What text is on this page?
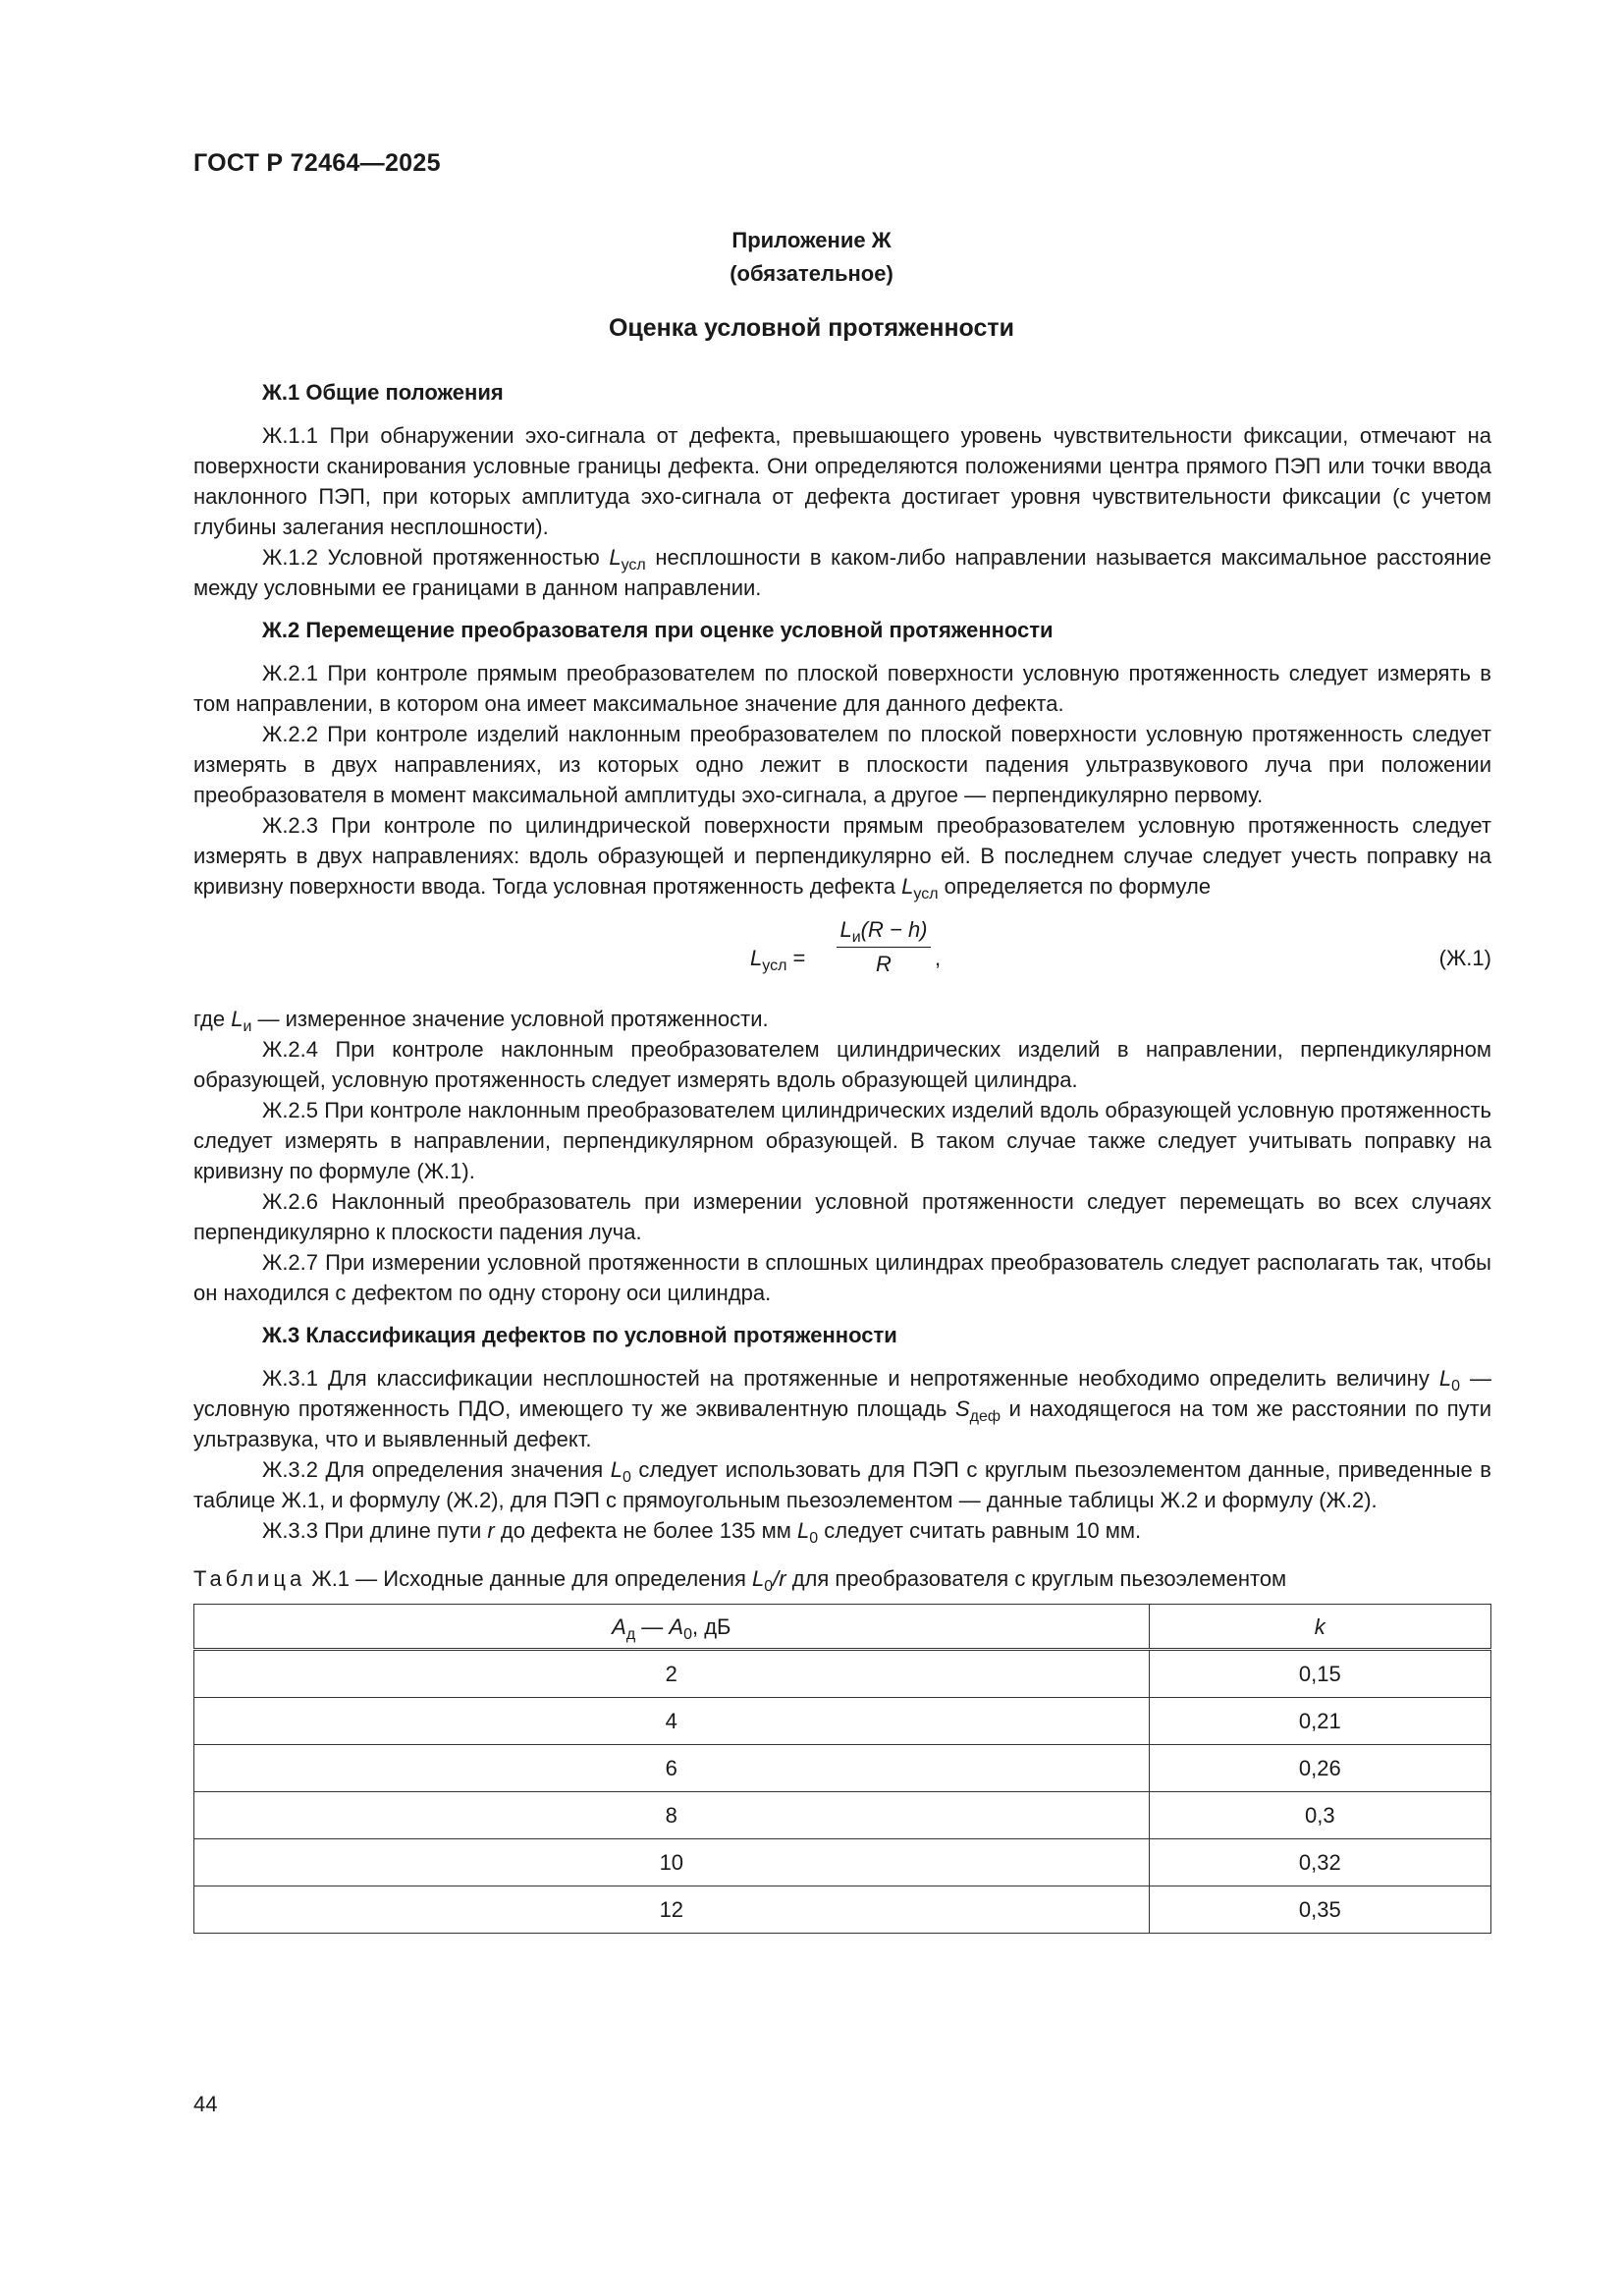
ГОСТ Р 72464—2025
Приложение Ж
(обязательное)
Оценка условной протяженности
Ж.1 Общие положения

Ж.1.1 При обнаружении эхо-сигнала от дефекта, превышающего уровень чувствительности фиксации, отмечают на поверхности сканирования условные границы дефекта. Они определяются положениями центра прямого ПЭП или точки ввода наклонного ПЭП, при которых амплитуда эхо-сигнала от дефекта достигает уровня чувствительности фиксации (с учетом глубины залегания несплошности).

Ж.1.2 Условной протяженностью $L_{усл}$ несплошности в каком-либо направлении называется максимальное расстояние между условными ее границами в данном направлении.

Ж.2 Перемещение преобразователя при оценке условной протяженности

Ж.2.1 При контроле прямым преобразователем по плоской поверхности условную протяженность следует измерять в том направлении, в котором она имеет максимальное значение для данного дефекта.

Ж.2.2 При контроле изделий наклонным преобразователем по плоской поверхности условную протяженность следует измерять в двух направлениях, из которых одно лежит в плоскости падения ультразвукового луча при положении преобразователя в момент максимальной амплитуды эхо-сигнала, а другое — перпендикулярно первому.

Ж.2.3 При контроле по цилиндрической поверхности прямым преобразователем условную протяженность следует измерять в двух направлениях: вдоль образующей и перпендикулярно ей. В последнем случае следует учесть поправку на кривизну поверхности ввода. Тогда условная протяженность дефекта $L_{усл}$ определяется по формуле

$L_{усл}$ =
$L_и(R - h)$
R	,	(Ж.1)

где $L_и$ — измеренное значение условной протяженности.

Ж.2.4 При контроле наклонным преобразователем цилиндрических изделий в направлении, перпендикулярном образующей, условную протяженность следует измерять вдоль образующей цилиндра.

Ж.2.5 При контроле наклонным преобразователем цилиндрических изделий вдоль образующей условную протяженность следует измерять в направлении, перпендикулярном образующей. В таком случае также следует учитывать поправку на кривизну по формуле (Ж.1).

Ж.2.6 Наклонный преобразователь при измерении условной протяженности следует перемещать во всех случаях перпендикулярно к плоскости падения луча.

Ж.2.7 При измерении условной протяженности в сплошных цилиндрах преобразователь следует располагать так, чтобы он находился с дефектом по одну сторону оси цилиндра.

Ж.3 Классификация дефектов по условной протяженности

Ж.3.1 Для классификации несплошностей на протяженные и непротяженные необходимо определить величину $L_0$ — условную протяженность ПДО, имеющего ту же эквивалентную площадь $S_{деф}$ и находящегося на том же расстоянии по пути ультразвука, что и выявленный дефект.

Ж.3.2 Для определения значения $L_0$ следует использовать для ПЭП с круглым пьезоэлементом данные, приведенные в таблице Ж.1, и формулу (Ж.2), для ПЭП с прямоугольным пьезоэлементом — данные таблицы Ж.2 и формулу (Ж.2).

Ж.3.3 При длине пути r до дефекта не более 135 мм $L_0$ следует считать равным 10 мм.

Таблица Ж.1 — Исходные данные для определения $L_0/r$ для преобразователя с круглым пьезоэлементом
$A_д$ — $A_0$, дБ	k
2	0,15
4	0,21
6	0,26
8	0,3
10	0,32
12	0,35
44
